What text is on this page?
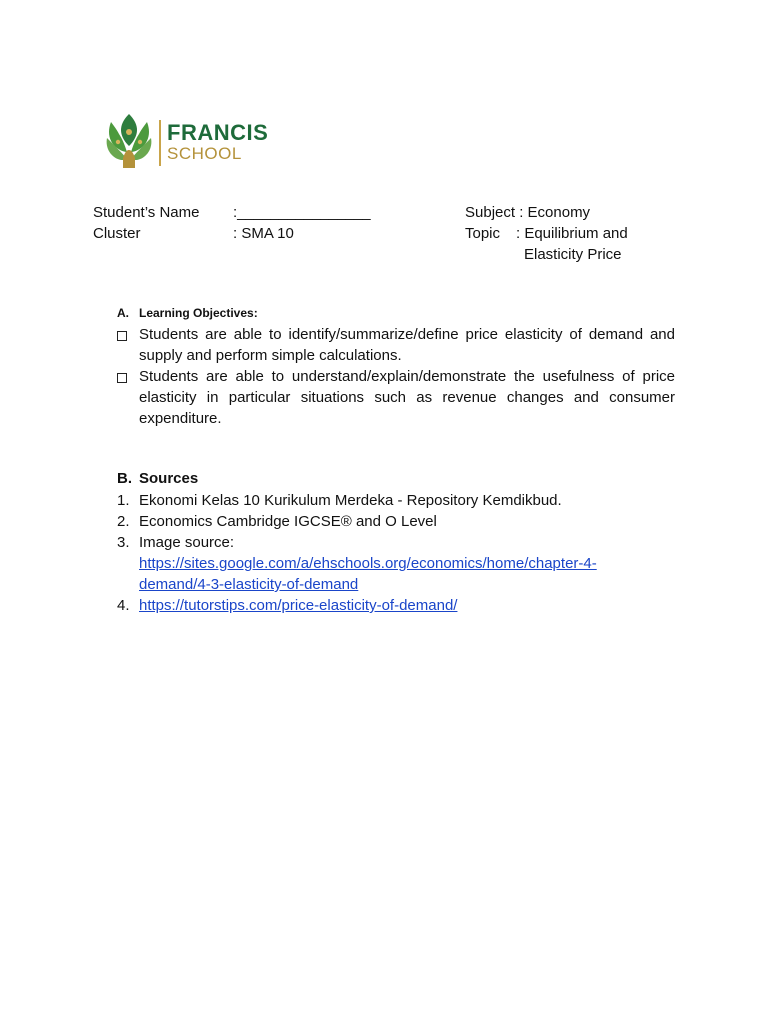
FRANCIS
SCHOOL
Student’s Name :________________
Cluster	: SMA 10
Subject : Economy
Topic : Equilibrium and
Elasticity Price
A. Learning Objectives:
Students are able to identify/summarize/define price elasticity of demand and supply and perform simple calculations.
Students are able to understand/explain/demonstrate the usefulness of price elasticity in particular situations such as revenue changes and consumer expenditure.
B. Sources
1. Ekonomi Kelas 10 Kurikulum Merdeka - Repository Kemdikbud.
2. Economics Cambridge IGCSE® and O Level
3. Image source:
https://sites.google.com/a/ehschools.org/economics/home/chapter-4-
demand/4-3-elasticity-of-demand
4. https://tutorstips.com/price-elasticity-of-demand/
